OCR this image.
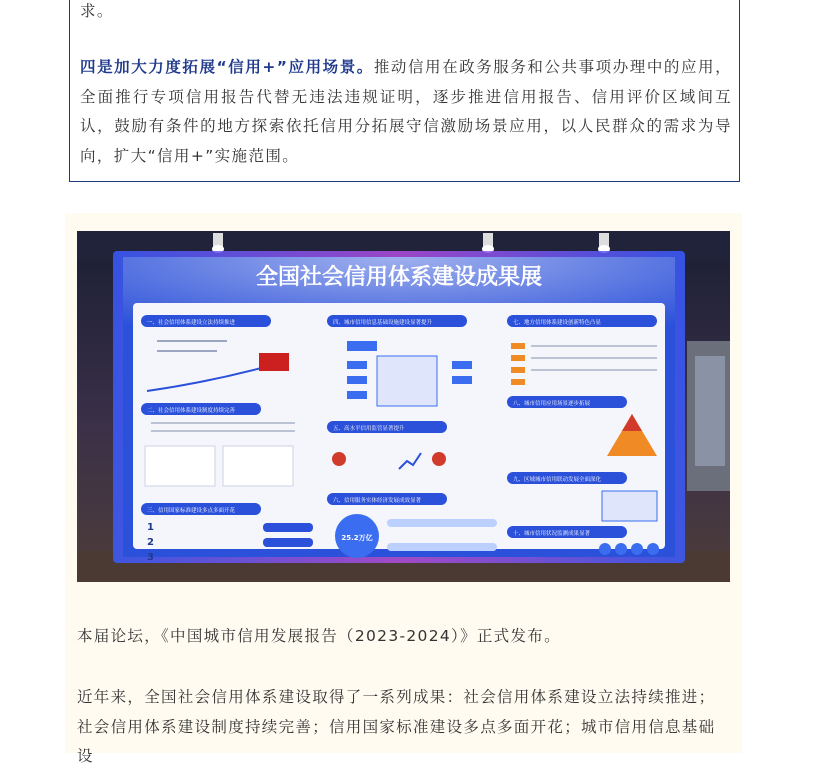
求。

四是加大力度拓展“信用+”应用场景。推动信用在政务服务和公共事项办理中的应用，全面推行专项信用报告代替无违法违规证明，逐步推进信用报告、信用评价区域间互认，鼓励有条件的地方探索依托信用分拓展守信激励场景应用，以人民群众的需求为导向，扩大“信用+”实施范围。

全国社会信用体系建设成果展
一、社会信用体系建设立法持续推进
二、社会信用体系建设制度持续完善
三、信用国家标准建设多点多面开花
1
2
3
四、城市信用信息基础设施建设显著提升
五、高水平信用监管显著提升
六、信用服务实体经济发展成效显著
25.2万亿
七、地方信用体系建设创新特色凸显
八、城市信用应用场景逐步拓展
九、区域城市信用联动发展全面深化
十、城市信用状况监测成果显著

本届论坛，《中国城市信用发展报告（2023-2024）》正式发布。

近年来，全国社会信用体系建设取得了一系列成果：社会信用体系建设立法持续推进；社会信用体系建设制度持续完善；信用国家标准建设多点多面开花；城市信用信息基础设
